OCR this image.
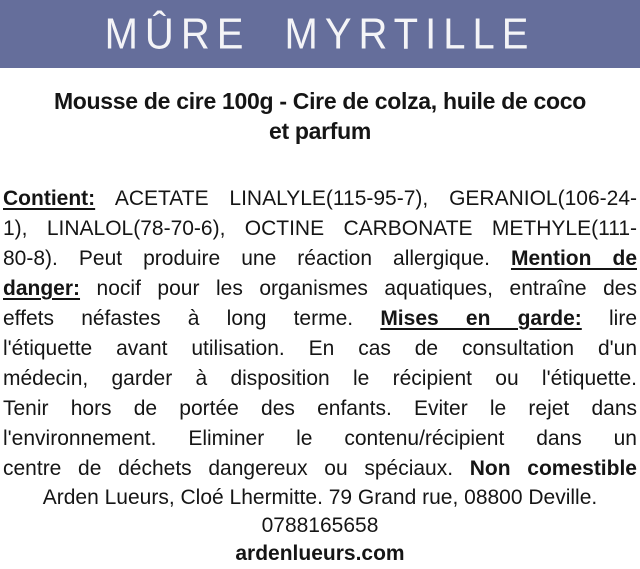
MÛRE MYRTILLE
Mousse de cire 100g - Cire de colza, huile de coco
et parfum
Contient: ACETATE LINALYLE(115-95-7), GERANIOL(106-24-
1), LINALOL(78-70-6), OCTINE CARBONATE METHYLE(111-
80-8). Peut produire une réaction allergique. Mention de
danger: nocif pour les organismes aquatiques, entraîne des
effets néfastes à long terme. Mises en garde: lire
l'étiquette avant utilisation. En cas de consultation d'un
médecin, garder à disposition le récipient ou l'étiquette.
Tenir hors de portée des enfants. Eviter le rejet dans
l'environnement. Eliminer le contenu/récipient dans un
centre de déchets dangereux ou spéciaux. Non comestible
Arden Lueurs, Cloé Lhermitte. 79 Grand rue, 08800 Deville.
0788165658
ardenlueurs.com
